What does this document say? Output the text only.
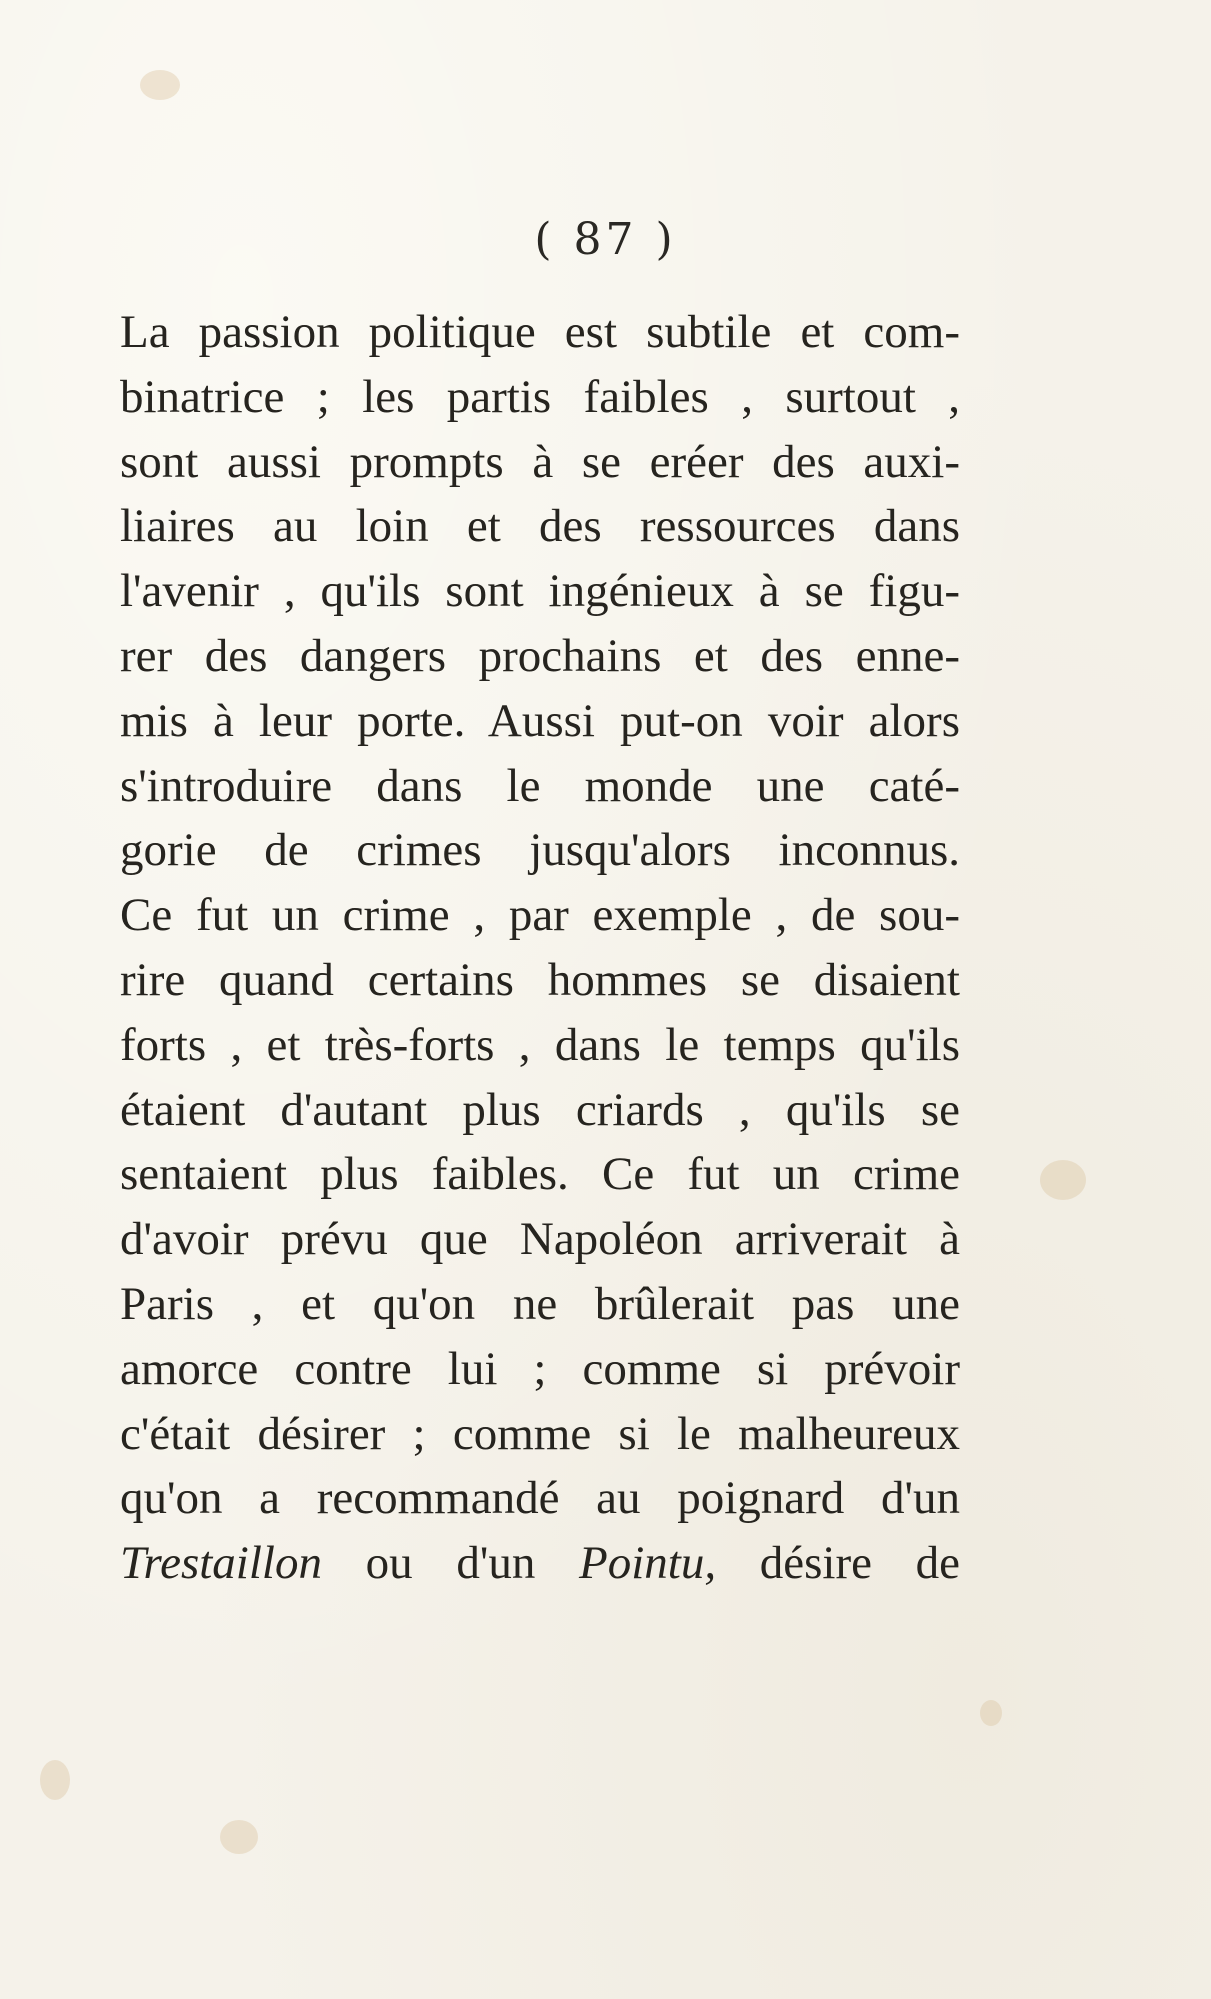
( 87 )
La passion politique est subtile et com-
binatrice ; les partis faibles , surtout ,
sont aussi prompts à se eréer des auxi-
liaires au loin et des ressources dans
l'avenir , qu'ils sont ingénieux à se figu-
rer des dangers prochains et des enne-
mis à leur porte. Aussi put-on voir alors
s'introduire dans le monde une caté-
gorie de crimes jusqu'alors inconnus.
Ce fut un crime , par exemple , de sou-
rire quand certains hommes se disaient
forts , et très-forts , dans le temps qu'ils
étaient d'autant plus criards , qu'ils se
sentaient plus faibles. Ce fut un crime
d'avoir prévu que Napoléon arriverait à
Paris , et qu'on ne brûlerait pas une
amorce contre lui ; comme si prévoir
c'était désirer ; comme si le malheureux
qu'on a recommandé au poignard d'un
Trestaillon ou d'un Pointu, désire de
